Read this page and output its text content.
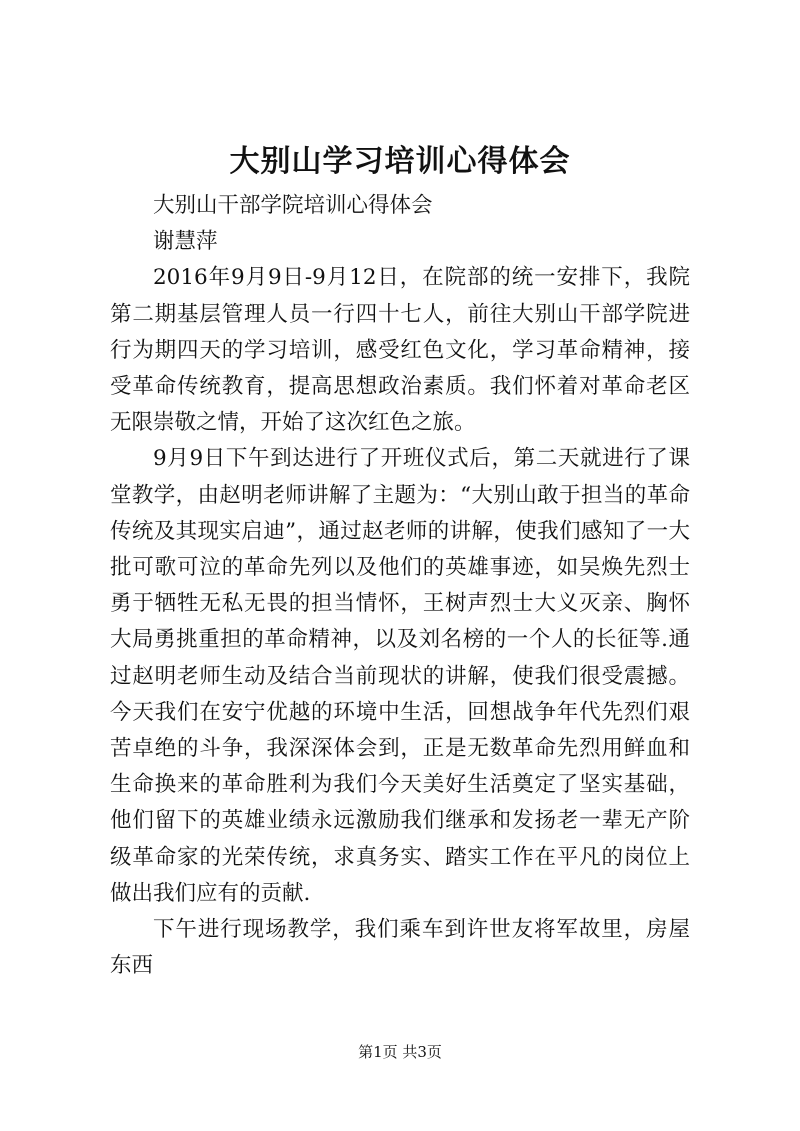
大别山学习培训心得体会

大别山干部学院培训心得体会

谢慧萍

2016年9月9日-9月12日，在院部的统一安排下，我院第二期基层管理人员一行四十七人，前往大别山干部学院进行为期四天的学习培训，感受红色文化，学习革命精神，接受革命传统教育，提高思想政治素质。我们怀着对革命老区无限崇敬之情，开始了这次红色之旅。

9月9日下午到达进行了开班仪式后，第二天就进行了课堂教学，由赵明老师讲解了主题为：“大别山敢于担当的革命传统及其现实启迪”，通过赵老师的讲解，使我们感知了一大批可歌可泣的革命先列以及他们的英雄事迹，如吴焕先烈士勇于牺牲无私无畏的担当情怀，王树声烈士大义灭亲、胸怀大局勇挑重担的革命精神，以及刘名榜的一个人的长征等.通过赵明老师生动及结合当前现状的讲解，使我们很受震撼。今天我们在安宁优越的环境中生活，回想战争年代先烈们艰苦卓绝的斗争，我深深体会到，正是无数革命先烈用鲜血和生命换来的革命胜利为我们今天美好生活奠定了坚实基础，他们留下的英雄业绩永远激励我们继承和发扬老一辈无产阶级革命家的光荣传统，求真务实、踏实工作在平凡的岗位上做出我们应有的贡献.

下午进行现场教学，我们乘车到许世友将军故里，房屋东西

第1页 共3页
